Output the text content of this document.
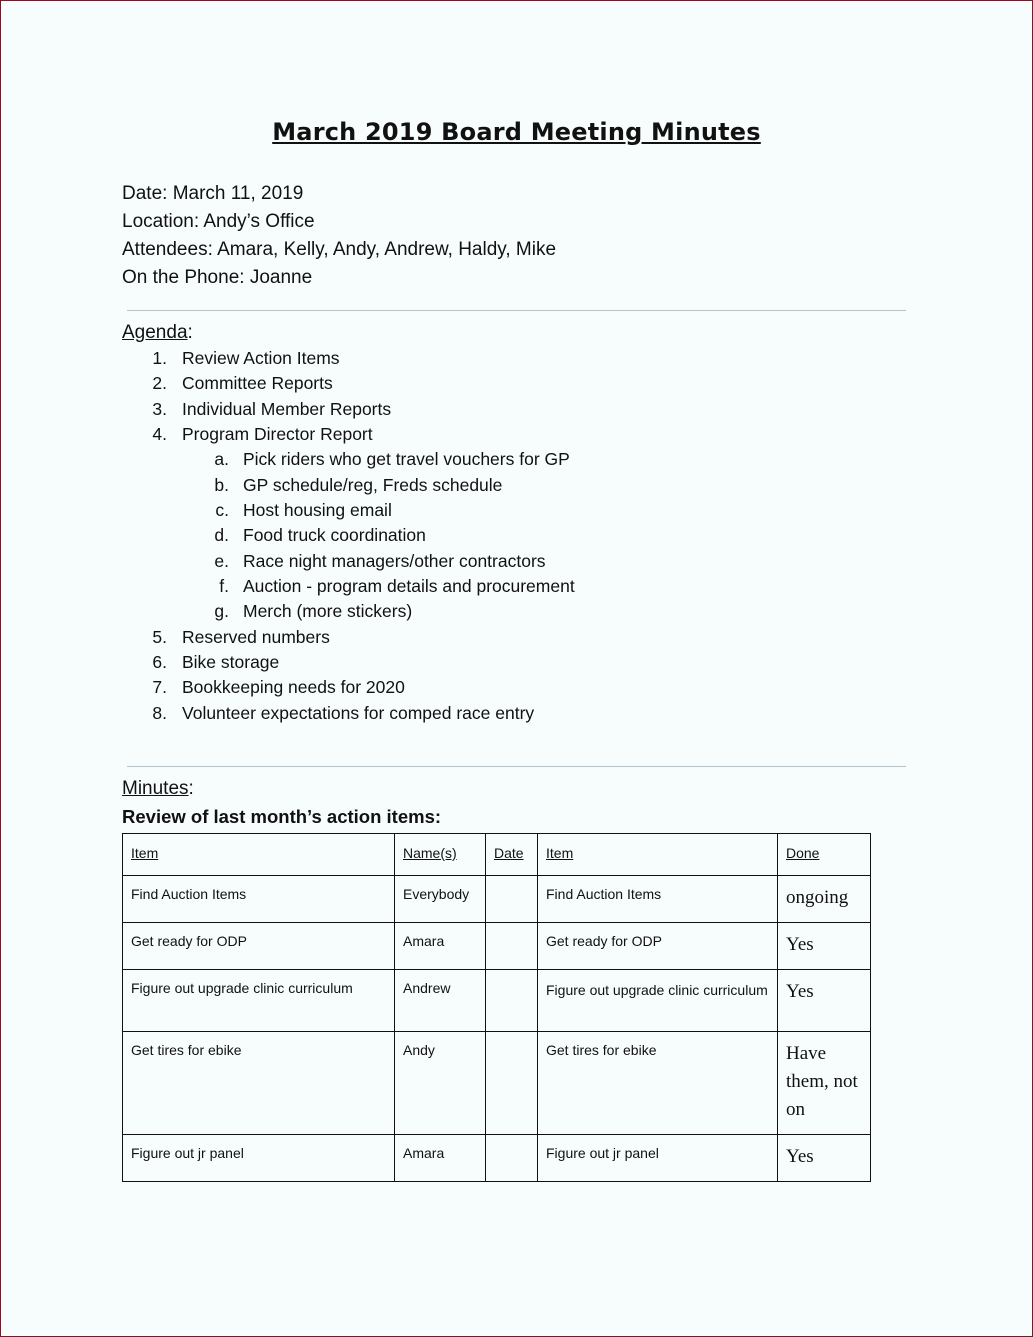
March 2019 Board Meeting Minutes
Date: March 11, 2019
Location: Andy’s Office
Attendees: Amara, Kelly, Andy, Andrew, Haldy, Mike
On the Phone: Joanne
Agenda:
1. Review Action Items
2. Committee Reports
3. Individual Member Reports
4. Program Director Report
a. Pick riders who get travel vouchers for GP
b. GP schedule/reg, Freds schedule
c. Host housing email
d. Food truck coordination
e. Race night managers/other contractors
f. Auction - program details and procurement
g. Merch (more stickers)
5. Reserved numbers
6. Bike storage
7. Bookkeeping needs for 2020
8. Volunteer expectations for comped race entry
Minutes:
Review of last month’s action items:
Item	Name(s)	Date	Item	Done
Find Auction Items	Everybody		Find Auction Items	ongoing
Get ready for ODP	Amara		Get ready for ODP	Yes
Figure out upgrade clinic curriculum	Andrew		Figure out upgrade clinic curriculum	Yes
Get tires for ebike	Andy		Get tires for ebike	Have them, not on
Figure out jr panel	Amara		Figure out jr panel	Yes
